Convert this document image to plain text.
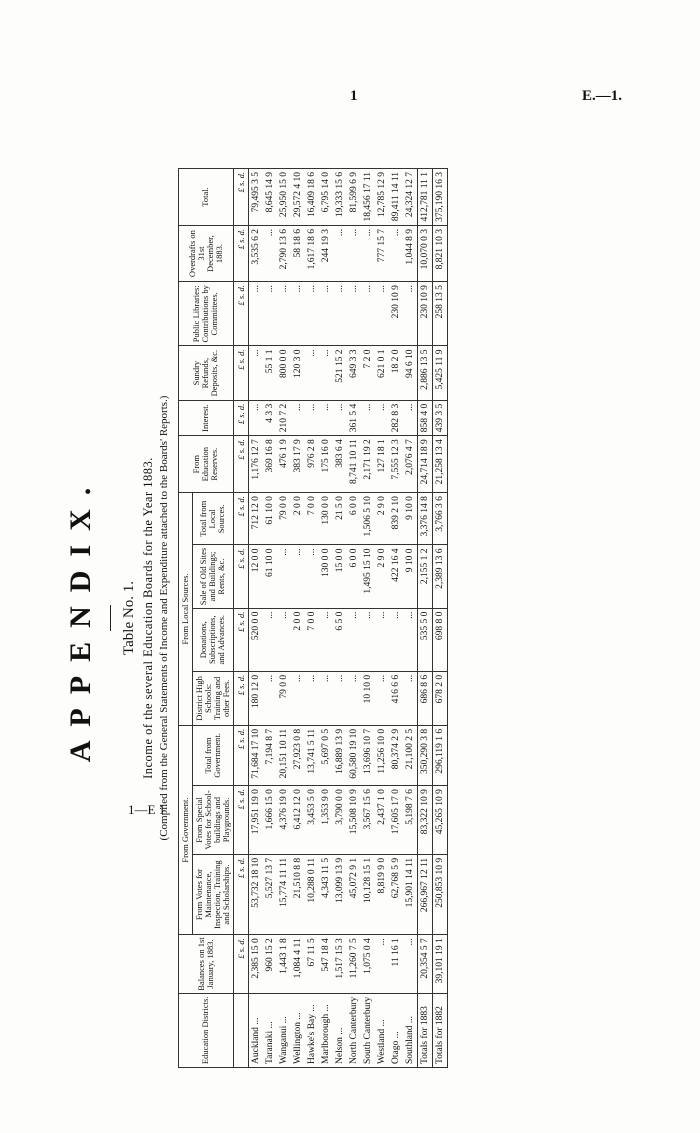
1	E.—1.
1—E 1
APPENDIX.	Table No. 1. Income of the several Education Boards for the Year 1883. (Compiled from the General Statements of Income and Expenditure attached to the Boards' Reports.)
Education Districts.	Balances on 1st January, 1883.	From Government.			From Local Sources.				From Education Reserves.	Interest.	Sundry Refunds, Deposits, &c.	Public Libraries: Contributions by Committees.	Overdrafts on 31st December, 1883.	Total.
		From Votes for Maintenance, Inspection, Training and Scholarships.	From Special Votes for School-buildings and Playgrounds.	Total from Government.	District High Schools: Training and other Fees.	Donations, Subscriptions, and Advances.	Sale of Old Sites and Buildings; Rents, &c.	Total from Local Sources.						
	£ s. d.	£ s. d.	£ s. d.	£ s. d.	£ s. d.	£ s. d.	£ s. d.	£ s. d.	£ s. d.	£ s. d.	£ s. d.	£ s. d.	£ s. d.	£ s. d.
Auckland ...	2,385 15 0	53,732 18 10	17,951 19 0	71,684 17 10	180 12 0	520 0 0	12 0 0	712 12 0	1,176 12 7	...	...	...	3,535 6 2	79,495 3 5
Taranaki ...	960 15 2	5,527 13 7	1,666 15 0	7,194 8 7	...	...	61 10 0	61 10 0	369 16 8	4 3 3	55 1 1	...	...	8,645 14 9
Wanganui ...	1,443 1 8	15,774 11 11	4,376 19 0	20,151 10 11	79 0 0	...	...	79 0 0	476 1 9	210 7 2	800 0 0	...	2,790 13 6	25,950 15 0
Wellington ...	1,084 4 11	21,510 8 8	6,412 12 0	27,923 0 8	...	2 0 0	...	2 0 0	383 17 9	...	120 3 0	...	58 18 6	29,572 4 10
Hawke's Bay ...	67 11 5	10,288 0 11	3,453 5 0	13,741 5 11	...	7 0 0	...	7 0 0	976 2 8	...	...	...	1,617 18 6	16,409 18 6
Marlborough ...	547 18 4	4,343 11 5	1,353 9 0	5,697 0 5	...	...	130 0 0	130 0 0	175 16 0	...	...	...	244 19 3	6,795 14 0
Nelson ...	1,517 15 3	13,099 13 9	3,790 0 0	16,889 13 9	...	6 5 0	15 0 0	21 5 0	383 6 4	...	521 15 2	...	...	19,333 15 6
North Canterbury	11,260 7 5	45,072 9 1	15,508 10 9	60,580 19 10	...	...	6 0 0	6 0 0	8,741 10 11	361 5 4	649 3 3	...	...	81,599 6 9
South Canterbury	1,075 0 4	10,128 15 1	3,567 15 6	13,696 10 7	10 10 0	...	1,495 15 10	1,506 5 10	2,171 19 2	...	7 2 0	...	...	18,456 17 11
Westland ...	...	8,819 9 0	2,437 1 0	11,256 10 0	...	...	2 9 0	2 9 0	127 18 1	...	621 0 1	...	777 15 7	12,785 12 9
Otago ...	11 16 1	62,768 5 9	17,605 17 0	80,374 2 9	416 6 6	...	422 16 4	839 2 10	7,555 12 3	282 8 3	18 2 0	230 10 9	...	89,411 14 11
Southland ...	...	15,901 14 11	5,198 7 6	21,100 2 5	...	...	9 10 0	9 10 0	2,076 4 7	...	94 6 10	...	1,044 8 9	24,324 12 7
Totals for 1883	20,354 5 7	266,967 12 11	83,322 10 9	350,290 3 8	686 8 6	535 5 0	2,155 1 2	3,376 14 8	24,714 18 9	858 4 0	2,886 13 5	230 10 9	10,070 0 3	412,781 11 1
Totals for 1882	39,101 19 1	250,853 10 9	45,265 10 9	296,119 1 6	678 2 0	698 8 0	2,389 13 6	3,766 3 6	21,258 13 4	439 3 5	5,425 11 9	258 13 5	8,821 10 3	375,190 16 3
